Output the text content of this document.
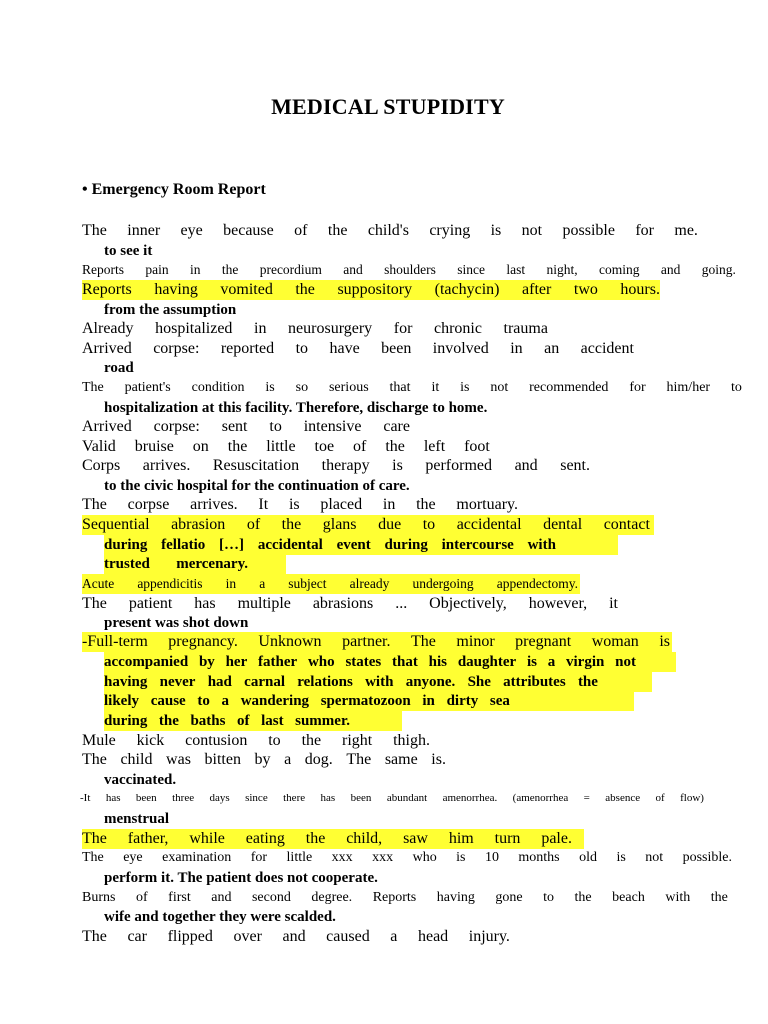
MEDICAL STUPIDITY
• Emergency Room Report
The inner eye because of the child's crying is not possible for me.
to see it
Reports pain in the precordium and shoulders since last night, coming and going.
Reports having vomited the suppository (tachycin) after two hours.
from the assumption
Already hospitalized in neurosurgery for chronic trauma
Arrived corpse: reported to have been involved in an accident
road
The patient's condition is so serious that it is not recommended for him/her to
hospitalization at this facility. Therefore, discharge to home.
Arrived corpse: sent to intensive care
Valid bruise on the little toe of the left foot
Corps arrives. Resuscitation therapy is performed and sent.
to the civic hospital for the continuation of care.
The corpse arrives. It is placed in the mortuary.
Sequential abrasion of the glans due to accidental dental contact
during fellatio […] accidental event during intercourse with
trusted mercenary.
Acute appendicitis in a subject already undergoing appendectomy.
The patient has multiple abrasions ... Objectively, however, it
present was shot down
-Full-term pregnancy. Unknown partner. The minor pregnant woman is
accompanied by her father who states that his daughter is a virgin not
having never had carnal relations with anyone. She attributes the
likely cause to a wandering spermatozoon in dirty sea
during the baths of last summer.
Mule kick contusion to the right thigh.
The child was bitten by a dog. The same is.
vaccinated.
-It has been three days since there has been abundant amenorrhea. (amenorrhea = absence of flow)
menstrual
The father, while eating the child, saw him turn pale.
The eye examination for little xxx xxx who is 10 months old is not possible.
perform it. The patient does not cooperate.
Burns of first and second degree. Reports having gone to the beach with the
wife and together they were scalded.
The car flipped over and caused a head injury.
